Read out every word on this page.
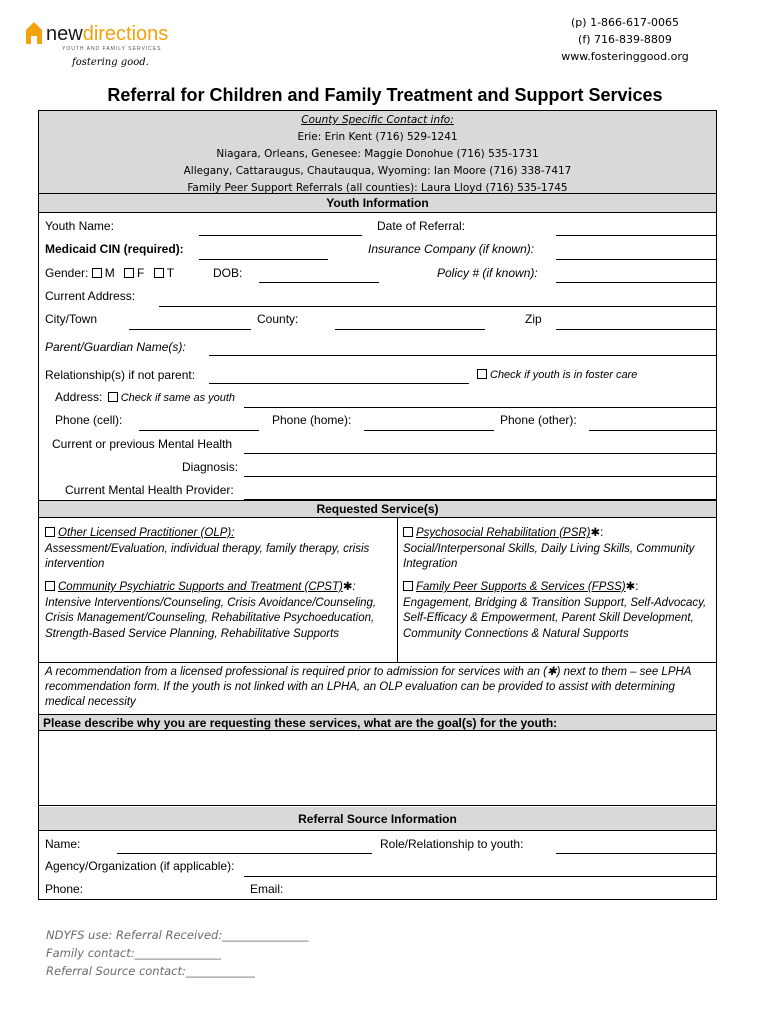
newdirections
YOUTH AND FAMILY SERVICES
fostering good.
(p) 1-866-617-0065
(f) 716-839-8809
www.fosteringgood.org
Referral for Children and Family Treatment and Support Services
County Specific Contact info:
Erie: Erin Kent (716) 529-1241
Niagara, Orleans, Genesee: Maggie Donohue (716) 535-1731
Allegany, Cattaraugus, Chautauqua, Wyoming: Ian Moore (716) 338-7417
Family Peer Support Referrals (all counties): Laura Lloyd (716) 535-1745
Youth Information
Youth Name:	Date of Referral:
Medicaid CIN (required):	Insurance Company (if known):
Gender: M F T	DOB:	Policy # (if known):
Current Address:
City/Town	County:	Zip
Parent/Guardian Name(s):
Relationship(s) if not parent:	Check if youth is in foster care
Address: Check if same as youth
Phone (cell):	Phone (home):	Phone (other):
Current or previous Mental Health
Diagnosis:
Current Mental Health Provider:
Requested Service(s)
Other Licensed Practitioner (OLP):
Assessment/Evaluation, individual therapy, family therapy, crisis intervention
Psychosocial Rehabilitation (PSR)✱:
Social/Interpersonal Skills, Daily Living Skills, Community Integration
Community Psychiatric Supports and Treatment (CPST)✱: Intensive Interventions/Counseling, Crisis Avoidance/Counseling, Crisis Management/Counseling, Rehabilitative Psychoeducation, Strength-Based Service Planning, Rehabilitative Supports
Family Peer Supports & Services (FPSS)✱:
Engagement, Bridging & Transition Support, Self-Advocacy, Self-Efficacy & Empowerment, Parent Skill Development, Community Connections & Natural Supports
A recommendation from a licensed professional is required prior to admission for services with an (✱) next to them – see LPHA recommendation form. If the youth is not linked with an LPHA, an OLP evaluation can be provided to assist with determining medical necessity
Please describe why you are requesting these services, what are the goal(s) for the youth:
Referral Source Information
Name:	Role/Relationship to youth:
Agency/Organization (if applicable):
Phone:	Email:
NDYFS use: Referral Received:_______________
Family contact:_______________
Referral Source contact:____________
